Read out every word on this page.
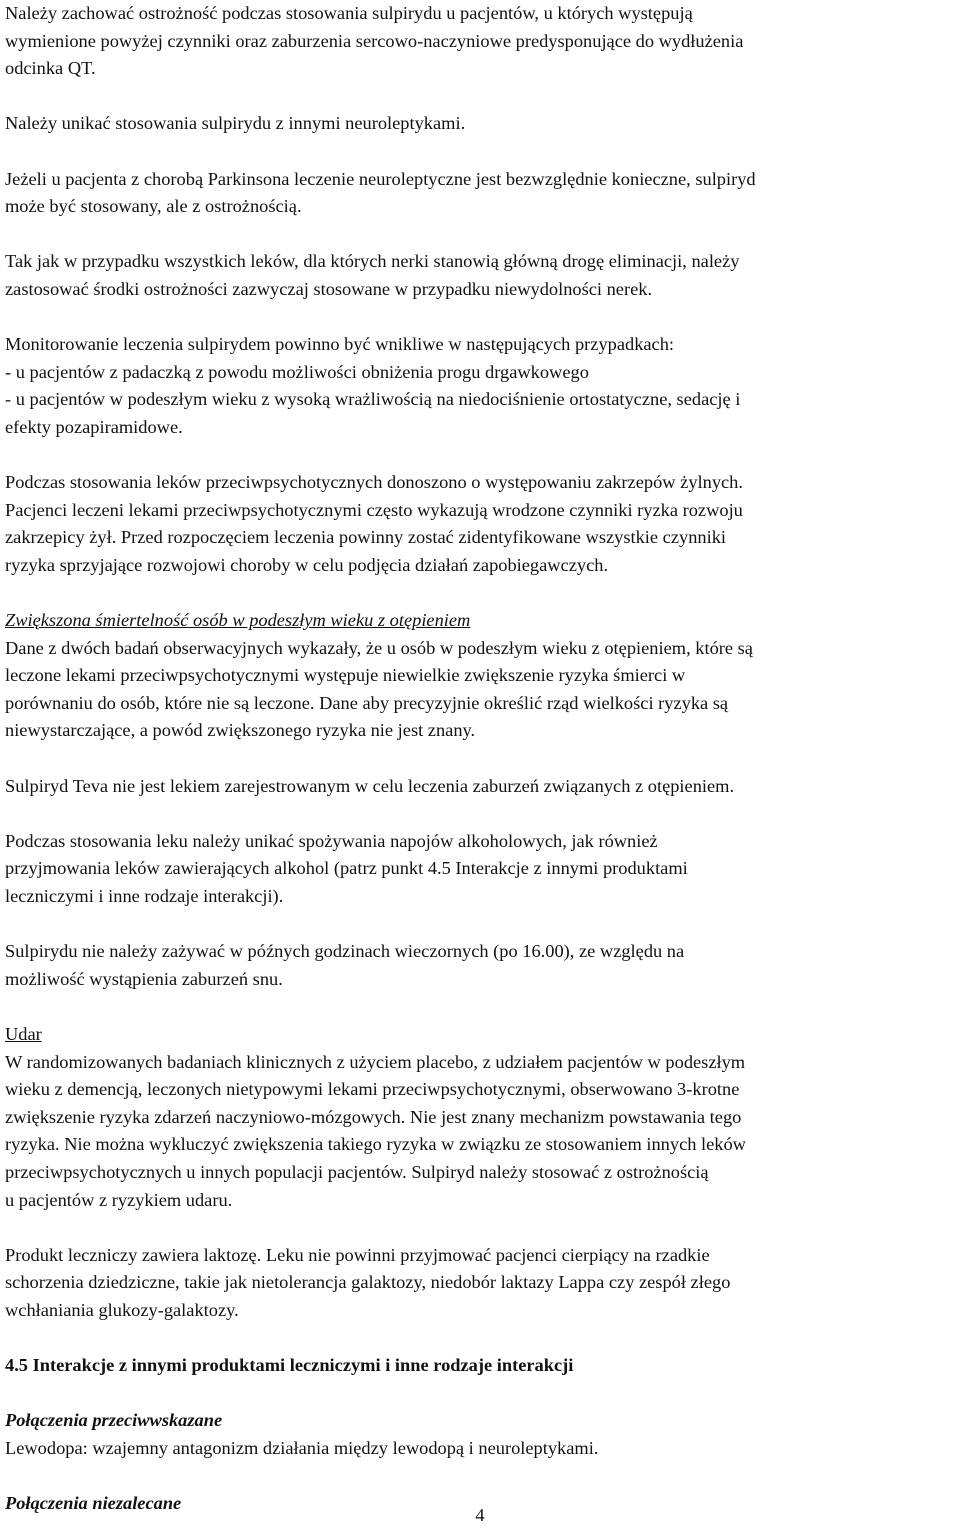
Należy zachować ostrożność podczas stosowania sulpirydu u pacjentów, u których występują
wymienione powyżej czynniki oraz zaburzenia sercowo-naczyniowe predysponujące do wydłużenia
odcinka QT.
Należy unikać stosowania sulpirydu z innymi neuroleptykami.
Jeżeli u pacjenta z chorobą Parkinsona leczenie neuroleptyczne jest bezwzględnie konieczne, sulpiryd
może być stosowany, ale z ostrożnością.
Tak jak w przypadku wszystkich leków, dla których nerki stanowią główną drogę eliminacji, należy
zastosować środki ostrożności zazwyczaj stosowane w przypadku niewydolności nerek.
Monitorowanie leczenia sulpirydem powinno być wnikliwe w następujących przypadkach:
- u pacjentów z padaczką z powodu możliwości obniżenia progu drgawkowego
- u pacjentów w podeszłym wieku z wysoką wrażliwością na niedociśnienie ortostatyczne, sedację i
efekty pozapiramidowe.
Podczas stosowania leków przeciwpsychotycznych donoszono o występowaniu zakrzepów żylnych.
Pacjenci leczeni lekami przeciwpsychotycznymi często wykazują wrodzone czynniki ryzka rozwoju
zakrzepicy żył. Przed rozpoczęciem leczenia powinny zostać zidentyfikowane wszystkie czynniki
ryzyka sprzyjające rozwojowi choroby w celu podjęcia działań zapobiegawczych.
Zwiększona śmiertelność osób w podeszłym wieku z otępieniem
Dane z dwóch badań obserwacyjnych wykazały, że u osób w podeszłym wieku z otępieniem, które są
leczone lekami przeciwpsychotycznymi występuje niewielkie zwiększenie ryzyka śmierci w
porównaniu do osób, które nie są leczone. Dane aby precyzyjnie określić rząd wielkości ryzyka są
niewystarczające, a powód zwiększonego ryzyka nie jest znany.
Sulpiryd Teva nie jest lekiem zarejestrowanym w celu leczenia zaburzeń związanych z otępieniem.
Podczas stosowania leku należy unikać spożywania napojów alkoholowych, jak również
przyjmowania leków zawierających alkohol (patrz punkt 4.5 Interakcje z innymi produktami
leczniczymi i inne rodzaje interakcji).
Sulpirydu nie należy zażywać w późnych godzinach wieczornych (po 16.00), ze względu na
możliwość wystąpienia zaburzeń snu.
Udar
W randomizowanych badaniach klinicznych z użyciem placebo, z udziałem pacjentów w podeszłym
wieku z demencją, leczonych nietypowymi lekami przeciwpsychotycznymi, obserwowano 3-krotne
zwiększenie ryzyka zdarzeń naczyniowo-mózgowych. Nie jest znany mechanizm powstawania tego
ryzyka. Nie można wykluczyć zwiększenia takiego ryzyka w związku ze stosowaniem innych leków
przeciwpsychotycznych u innych populacji pacjentów. Sulpiryd należy stosować z ostrożnością
u pacjentów z ryzykiem udaru.
Produkt leczniczy zawiera laktozę. Leku nie powinni przyjmować pacjenci cierpiący na rzadkie
schorzenia dziedziczne, takie jak nietolerancja galaktozy, niedobór laktazy Lappa czy zespół złego
wchłaniania glukozy-galaktozy.
4.5 Interakcje z innymi produktami leczniczymi i inne rodzaje interakcji
Połączenia przeciwwskazane
Lewodopa: wzajemny antagonizm działania między lewodopą i neuroleptykami.
Połączenia niezalecane
4
